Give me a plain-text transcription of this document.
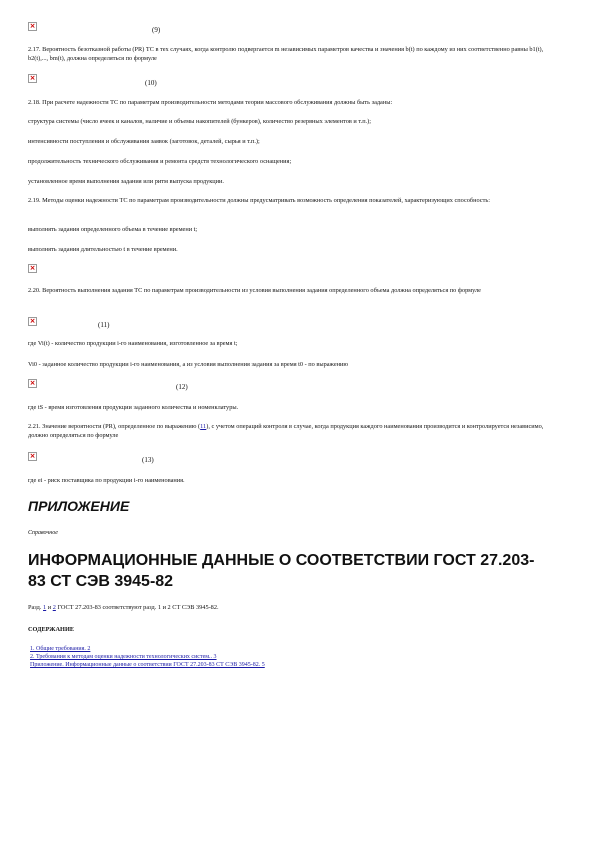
×	(9)
2.17. Вероятность безотказной работы (PR) ТС в тех случаях, когда контролю подвергается m независимых параметров качества и значения b(t) по каждому из них соответственно равны b1(t), b2(t),..., bm(t), должна определяться по формуле
×
(10)
2.18. При расчете надежности ТС по параметрам производительности методами теории массового обслуживания должны быть заданы:
структура системы (число ячеек и каналов, наличие и объемы накопителей (бункеров), количество резервных элементов и т.п.);
интенсивности поступления и обслуживания заявок (заготовок, деталей, сырья и т.п.);
продолжительность технического обслуживания и ремонта средств технологического оснащения;
установленное время выполнения задания или ритм выпуска продукции.
2.19. Методы оценки надежности ТС по параметрам производительности должны предусматривать возможность определения показателей, характеризующих способность:
выполнять задания определенного объема в течение времени t;
выполнять задания длительностью t в течение времени.
×
2.20. Вероятность выполнения задания ТС по параметрам производительности из условия выполнения задания определенного объема должна определяться по формуле
×	(11)
где Vi(t) - количество продукции i-го наименования, изготовленное за время t;
Vi0 - заданное количество продукции i-го наименования, а из условия выполнения задания за время t0 - по выражению
×	(12)
где tS - время изготовления продукции заданного количества и номенклатуры.
2.21. Значение вероятности (PR), определенное по выражению (11), с учетом операций контроля в случае, когда продукция каждого наименования производится и контролируется независимо, должно определяться по формуле
×	(13)
где еi - риск поставщика по продукции i-го наименования.
ПРИЛОЖЕНИЕ
Справочное
ИНФОРМАЦИОННЫЕ ДАННЫЕ О СООТВЕТСТВИИ ГОСТ 27.203-83 СТ СЭВ 3945-82
Разд. 1 и 2 ГОСТ 27.203-83 соответствуют разд. 1 и 2 СТ СЭВ 3945-82.
СОДЕРЖАНИЕ
1. Общие требования. 2
2. Требования к методам оценки надежности технологических систем.. 3
Приложение. Информационные данные о соответствии ГОСТ 27.203-83 СТ СЭВ 3945-82. 5
